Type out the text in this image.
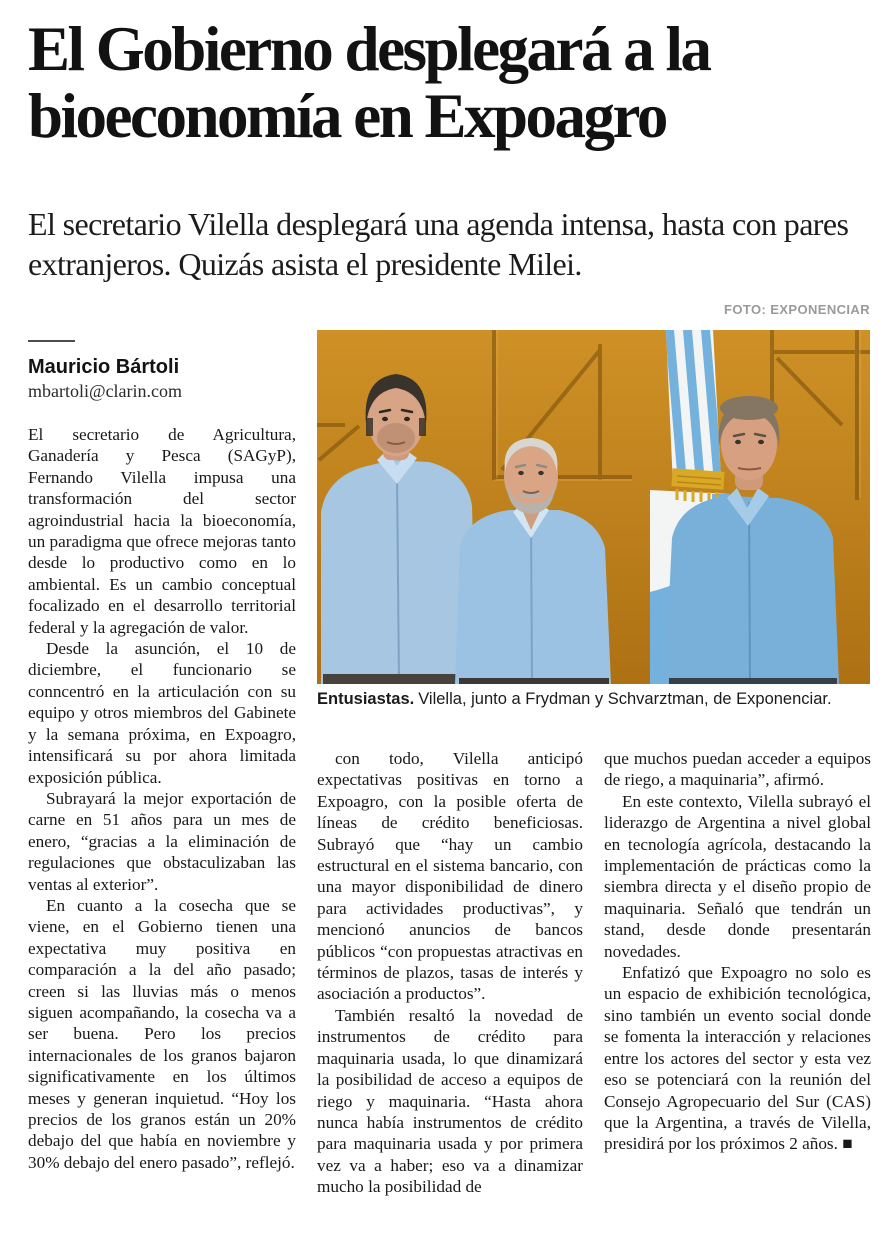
El Gobierno desplegará a la bioeconomía en Expoagro

El secretario Vilella desplegará una agenda intensa, hasta con pares extranjeros. Quizás asista el presidente Milei.

FOTO: EXPONENCIAR
Mauricio Bártoli
mbartoli@clarin.com

El secretario de Agricultura, Ganadería y Pesca (SAGyP), Fernando Vilella impusa una transformación del sector agroindustrial hacia la bioeconomía, un paradigma que ofrece mejoras tanto desde lo productivo como en lo ambiental. Es un cambio conceptual focalizado en el desarrollo territorial federal y la agregación de valor.

Desde la asunción, el 10 de diciembre, el funcionario se conncentró en la articulación con su equipo y otros miembros del Gabinete y la semana próxima, en Expoagro, intensificará su por ahora limitada exposición pública.

Subrayará la mejor exportación de carne en 51 años para un mes de enero, “gracias a la eliminación de regulaciones que obstaculizaban las ventas al exterior”.

En cuanto a la cosecha que se viene, en el Gobierno tienen una expectativa muy positiva en comparación a la del año pasado; creen si las lluvias más o menos siguen acompañando, la cosecha va a ser buena. Pero los precios internacionales de los granos bajaron significativamente en los últimos meses y generan inquietud. “Hoy los precios de los granos están un 20% debajo del que había en noviembre y 30% debajo del enero pasado”, reflejó.

Entusiastas. Vilella, junto a Frydman y Schvarztman, de Exponenciar.

con todo, Vilella anticipó expectativas positivas en torno a Expoagro, con la posible oferta de líneas de crédito beneficiosas. Subrayó que “hay un cambio estructural en el sistema bancario, con una mayor disponibilidad de dinero para actividades productivas”, y mencionó anuncios de bancos públicos “con propuestas atractivas en términos de plazos, tasas de interés y asociación a productos”.

También resaltó la novedad de instrumentos de crédito para maquinaria usada, lo que dinamizará la posibilidad de acceso a equipos de riego y maquinaria. “Hasta ahora nunca había instrumentos de crédito para maquinaria usada y por primera vez va a haber; eso va a dinamizar mucho la posibilidad de

que muchos puedan acceder a equipos de riego, a maquinaria”, afirmó.

En este contexto, Vilella subrayó el liderazgo de Argentina a nivel global en tecnología agrícola, destacando la implementación de prácticas como la siembra directa y el diseño propio de maquinaria. Señaló que tendrán un stand, desde donde presentarán novedades.

Enfatizó que Expoagro no solo es un espacio de exhibición tecnológica, sino también un evento social donde se fomenta la interacción y relaciones entre los actores del sector y esta vez eso se potenciará con la reunión del Consejo Agropecuario del Sur (CAS) que la Argentina, a través de Vilella, presidirá por los próximos 2 años. ■
